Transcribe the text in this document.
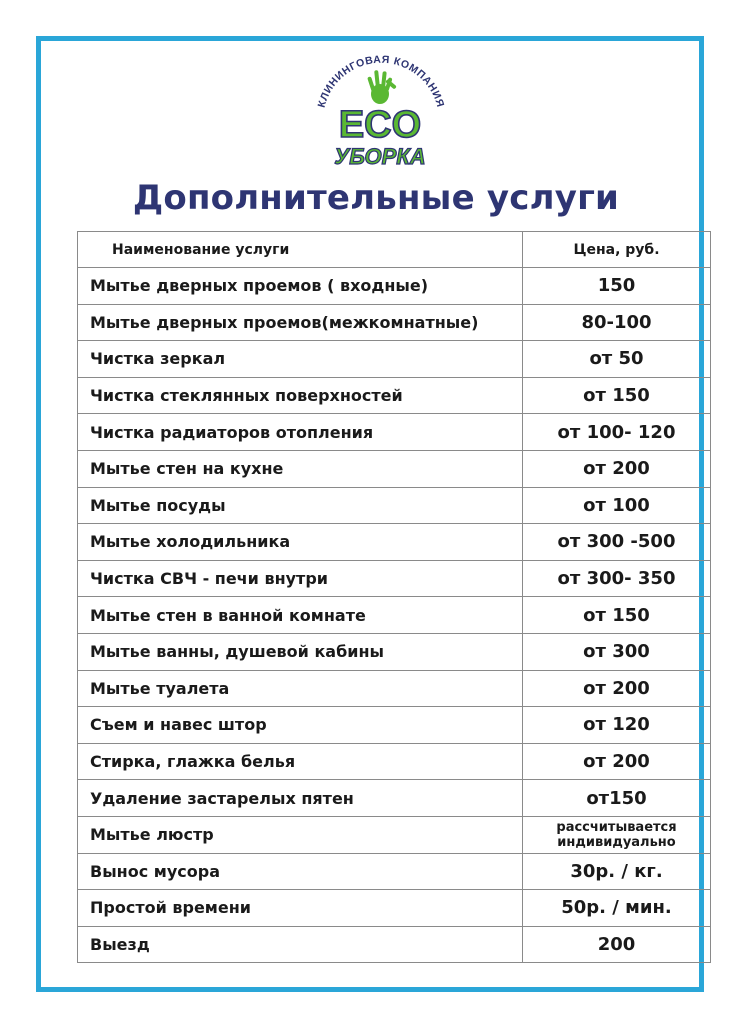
КЛИНИНГОВАЯ КОМПАНИЯ
ECO
УБОРКА
Дополнительные услуги
Наименование услуги	Цена, руб.
Мытье дверных проемов ( входные)	150
Мытье дверных проемов(межкомнатные)	80-100
Чистка зеркал	от 50
Чистка стеклянных поверхностей	от 150
Чистка радиаторов отопления	от 100- 120
Мытье стен на кухне	от 200
Мытье посуды	от 100
Мытье холодильника	от 300 -500
Чистка СВЧ - печи внутри	от 300- 350
Мытье стен в ванной комнате	от 150
Мытье ванны, душевой кабины	от 300
Мытье туалета	от 200
Съем и навес штор	от 120
Стирка, глажка белья	от 200
Удаление застарелых пятен	от150
Мытье люстр	рассчитывается индивидуально
Вынос мусора	30р. / кг.
Простой времени	50р. / мин.
Выезд	200
